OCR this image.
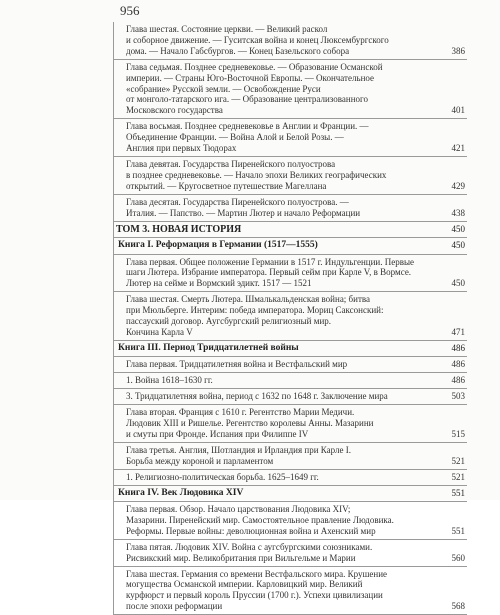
956
Глава шестая. Состояние церкви. — Великий раскол
и соборное движение. — Гуситская война и конец Люксембургского
дома. — Начало Габсбургов. — Конец Базельского собора	386
Глава седьмая. Позднее средневековье. — Образование Османской
империи. — Страны Юго-Восточной Европы. — Окончательное
«собрание» Русской земли. — Освобождение Руси
от монголо-татарского ига. — Образование централизованного
Московского государства	401
Глава восьмая. Позднее средневековье в Англии и Франции. —
Объединение Франции. — Война Алой и Белой Розы. —
Англия при первых Тюдорах	421
Глава девятая. Государства Пиренейского полуострова
в позднее средневековье. — Начало эпохи Великих географических
открытий. — Кругосветное путешествие Магеллана	429
Глава десятая. Государства Пиренейского полуострова. —
Италия. — Папство. — Мартин Лютер и начало Реформации	438
ТОМ 3. НОВАЯ ИСТОРИЯ	450
Книга I. Реформация в Германии (1517—1555)	450
Глава первая. Общее положение Германии в 1517 г. Индульгенции. Первые
шаги Лютера. Избрание императора. Первый сейм при Карле V, в Вормсе.
Лютер на сейме и Вормский эдикт. 1517 — 1521	450
Глава шестая. Смерть Лютера. Шмалькальденская война; битва
при Мюльберге. Интерим: победа императора. Мориц Саксонский:
пассауский договор. Аугсбургский религиозный мир.
Кончина Карла V	471
Книга III. Период Тридцатилетней войны	486
Глава первая. Тридцатилетняя война и Вестфальский мир	486
1. Война 1618–1630 гг.	486
3. Тридцатилетняя война, период с 1632 по 1648 г. Заключение мира	503
Глава вторая. Франция с 1610 г. Регентство Марии Медичи.
Людовик XIII и Ришелье. Регентство королевы Анны. Мазарини
и смуты при Фронде. Испания при Филиппе IV	515
Глава третья. Англия, Шотландия и Ирландия при Карле I.
Борьба между короной и парламентом	521
1. Религиозно-политическая борьба. 1625–1649 гг.	521
Книга IV. Век Людовика XIV	551
Глава первая. Обзор. Начало царствования Людовика XIV;
Мазарини. Пиренейский мир. Самостоятельное правление Людовика.
Реформы. Первые войны: деволюционная война и Ахенский мир	551
Глава пятая. Людовик XIV. Война с аугсбургскими союзниками.
Рисвикский мир. Великобритания при Вильгельме и Марии	560
Глава шестая. Германия со времени Вестфальского мира. Крушение
могущества Османской империи. Карловицкий мир. Великий
курфюрст и первый король Пруссии (1700 г.). Успехи цивилизации
после эпохи реформации	568
